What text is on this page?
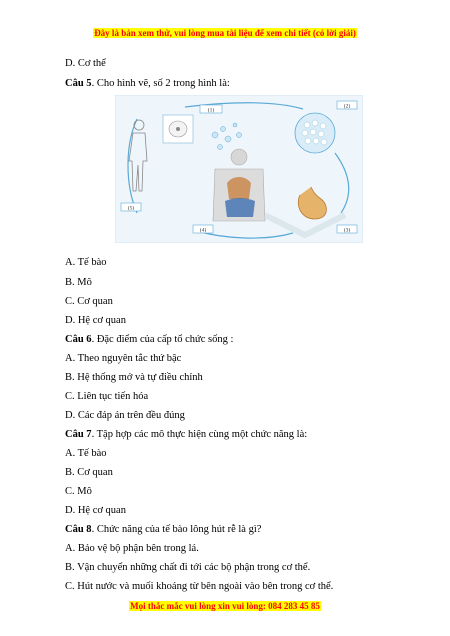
Đây là bản xem thử, vui lòng mua tài liệu để xem chi tiết (có lời giải)
D. Cơ thể
Câu 5. Cho hình vẽ, số 2 trong hình là:
(1)
(2)
(3)
(4)
(5)
A. Tế bào
B. Mô
C. Cơ quan
D. Hệ cơ quan
Câu 6. Đặc điểm của cấp tổ chức sống :
A. Theo nguyên tắc thứ bậc
B. Hệ thống mở và tự điều chỉnh
C. Liên tục tiến hóa
D. Các đáp án trên đều đúng
Câu 7. Tập hợp các mô thực hiện cùng một chức năng là:
A. Tế bào
B. Cơ quan
C. Mô
D. Hệ cơ quan
Câu 8. Chức năng của tế bào lông hút rễ là gì?
A. Bảo vệ bộ phận bên trong lá.
B. Vận chuyển những chất đi tới các bộ phận trong cơ thể.
C. Hút nước và muối khoáng từ bên ngoài vào bên trong cơ thể.
Mọi thắc mắc vui lòng xin vui lòng: 084 283 45 85
